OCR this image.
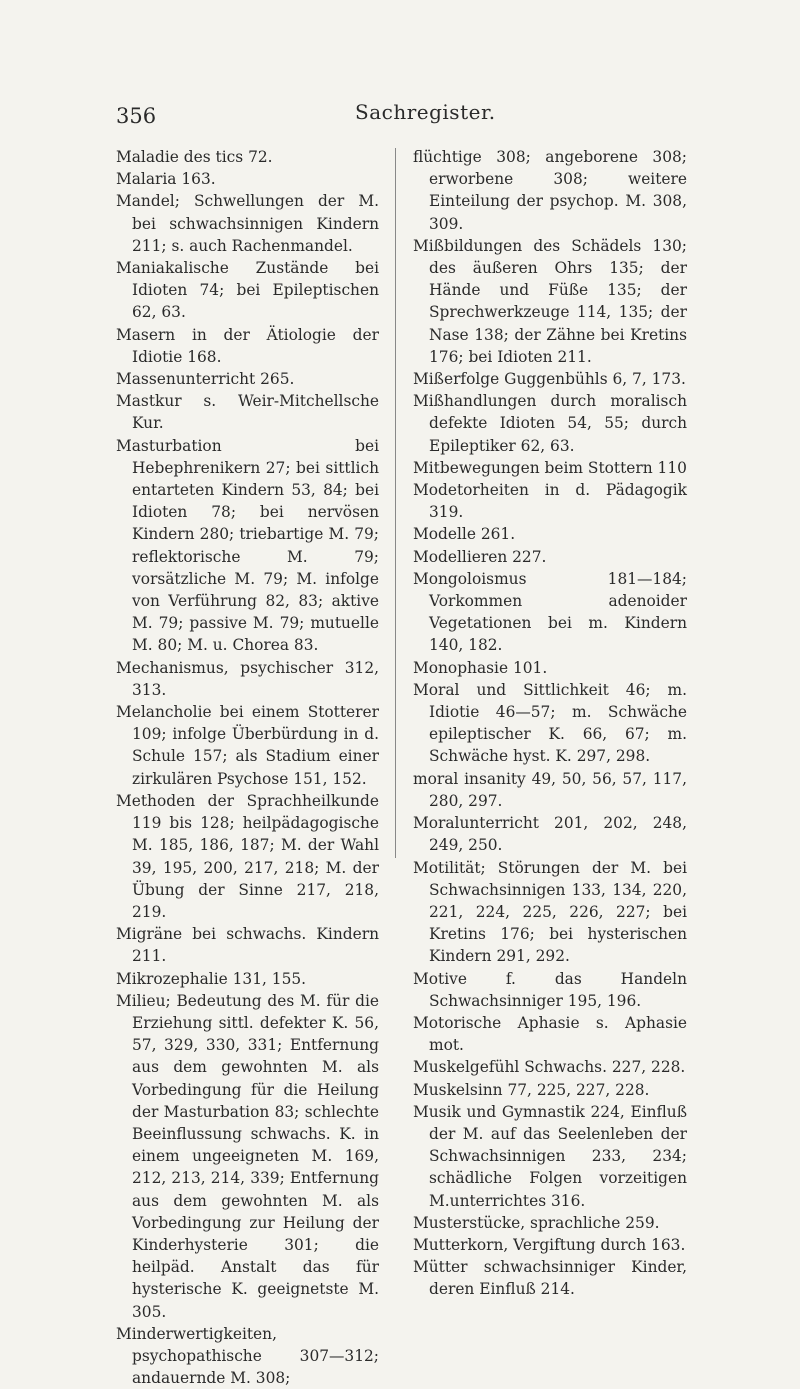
356	Sachregister.

Maladie des tics 72.

Malaria 163.

Mandel; Schwellungen der M. bei schwachsinnigen Kindern 211; s. auch Rachenmandel.

Maniakalische Zustände bei Idioten 74; bei Epileptischen 62, 63.

Masern in der Ätiologie der Idiotie 168.

Massenunterricht 265.

Mastkur s. Weir-Mitchellsche Kur.

Masturbation bei Hebephrenikern 27; bei sittlich entarteten Kindern 53, 84; bei Idioten 78; bei nervösen Kindern 280; triebartige M. 79; reflektorische M. 79; vorsätzliche M. 79; M. infolge von Verführung 82, 83; aktive M. 79; passive M. 79; mutuelle M. 80; M. u. Chorea 83.

Mechanismus, psychischer 312, 313.

Melancholie bei einem Stotterer 109; infolge Überbürdung in d. Schule 157; als Stadium einer zirkulären Psychose 151, 152.

Methoden der Sprachheilkunde 119 bis 128; heilpädagogische M. 185, 186, 187; M. der Wahl 39, 195, 200, 217, 218; M. der Übung der Sinne 217, 218, 219.

Migräne bei schwachs. Kindern 211.

Mikrozephalie 131, 155.

Milieu; Bedeutung des M. für die Erziehung sittl. defekter K. 56, 57, 329, 330, 331; Entfernung aus dem gewohnten M. als Vorbedingung für die Heilung der Masturbation 83; schlechte Beeinflussung schwachs. K. in einem ungeeigneten M. 169, 212, 213, 214, 339; Entfernung aus dem gewohnten M. als Vorbedingung zur Heilung der Kinderhysterie 301; die heilpäd. Anstalt das für hysterische K. geeignetste M. 305.

Minderwertigkeiten, psychopathische 307—312; andauernde M. 308;

flüchtige 308; angeborene 308; erworbene 308; weitere Einteilung der psychop. M. 308, 309.

Mißbildungen des Schädels 130; des äußeren Ohrs 135; der Hände und Füße 135; der Sprechwerkzeuge 114, 135; der Nase 138; der Zähne bei Kretins 176; bei Idioten 211.

Mißerfolge Guggenbühls 6, 7, 173.

Mißhandlungen durch moralisch defekte Idioten 54, 55; durch Epileptiker 62, 63.

Mitbewegungen beim Stottern 110

Modetorheiten in d. Pädagogik 319.

Modelle 261.

Modellieren 227.

Mongoloismus 181—184; Vorkommen adenoider Vegetationen bei m. Kindern 140, 182.

Monophasie 101.

Moral und Sittlichkeit 46; m. Idiotie 46—57; m. Schwäche epileptischer K. 66, 67; m. Schwäche hyst. K. 297, 298.

moral insanity 49, 50, 56, 57, 117, 280, 297.

Moralunterricht 201, 202, 248, 249, 250.

Motilität; Störungen der M. bei Schwachsinnigen 133, 134, 220, 221, 224, 225, 226, 227; bei Kretins 176; bei hysterischen Kindern 291, 292.

Motive f. das Handeln Schwachsinniger 195, 196.

Motorische Aphasie s. Aphasie mot.

Muskelgefühl Schwachs. 227, 228.

Muskelsinn 77, 225, 227, 228.

Musik und Gymnastik 224, Einfluß der M. auf das Seelenleben der Schwachsinnigen 233, 234; schädliche Folgen vorzeitigen M.unterrichtes 316.

Musterstücke, sprachliche 259.

Mutterkorn, Vergiftung durch 163.

Mütter schwachsinniger Kinder, deren Einfluß 214.
